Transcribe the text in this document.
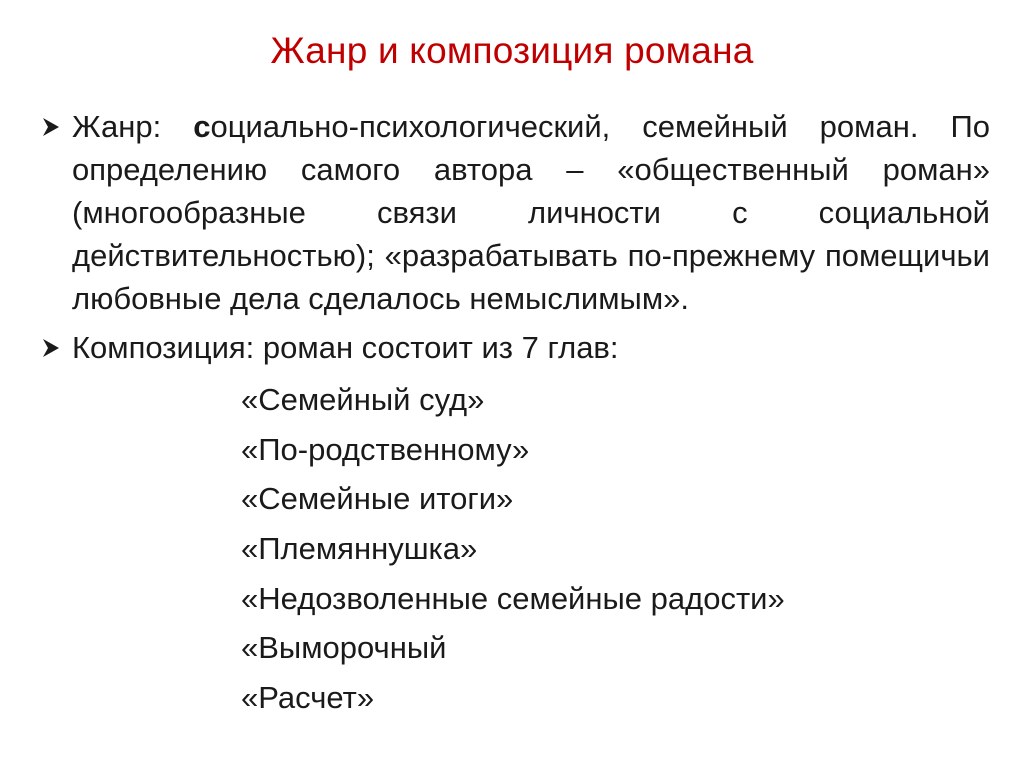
Жанр и композиция романа
Жанр: социально-психологический, семейный роман. По определению самого автора – «общественный роман» (многообразные связи личности с социальной действительностью); «разрабатывать по-прежнему помещичьи любовные дела сделалось немыслимым».
Композиция: роман состоит из 7 глав:
«Семейный суд»
«По-родственному»
«Семейные итоги»
«Племяннушка»
«Недозволенные семейные радости»
«Выморочный
«Расчет»
